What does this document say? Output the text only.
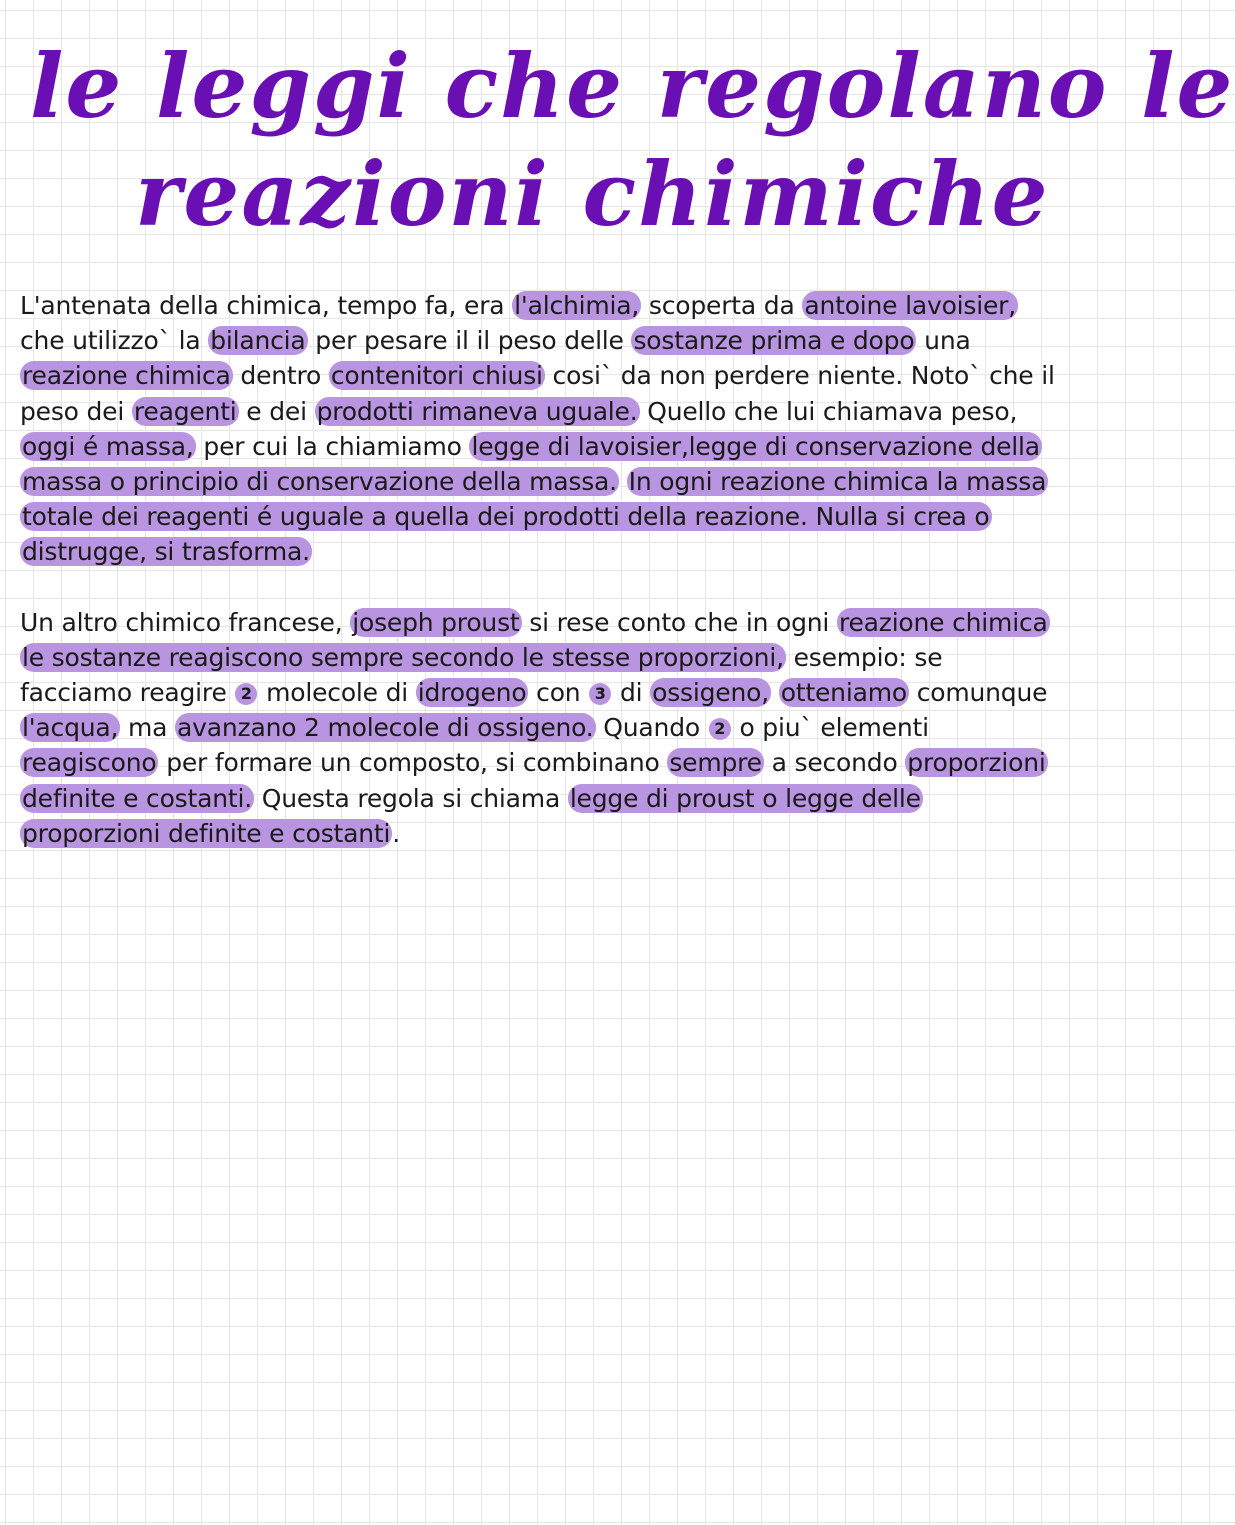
le leggi che regolano le
reazioni chimiche

L'antenata della chimica, tempo fa, era l'alchimia, scoperta da antoine lavoisier, che utilizzo` la bilancia per pesare il il peso delle sostanze prima e dopo una reazione chimica dentro contenitori chiusi cosi` da non perdere niente. Noto` che il peso dei reagenti e dei prodotti rimaneva uguale. Quello che lui chiamava peso, oggi é massa, per cui la chiamiamo legge di lavoisier,legge di conservazione della massa o principio di conservazione della massa. In ogni reazione chimica la massa totale dei reagenti é uguale a quella dei prodotti della reazione. Nulla si crea o distrugge, si trasforma.

Un altro chimico francese, joseph proust si rese conto che in ogni reazione chimica le sostanze reagiscono sempre secondo le stesse proporzioni, esempio: se facciamo reagire 2 molecole di idrogeno con 3 di ossigeno, otteniamo comunque l'acqua, ma avanzano 2 molecole di ossigeno. Quando 2 o piu` elementi reagiscono per formare un composto, si combinano sempre a secondo proporzioni definite e costanti. Questa regola si chiama legge di proust o legge delle proporzioni definite e costanti.
